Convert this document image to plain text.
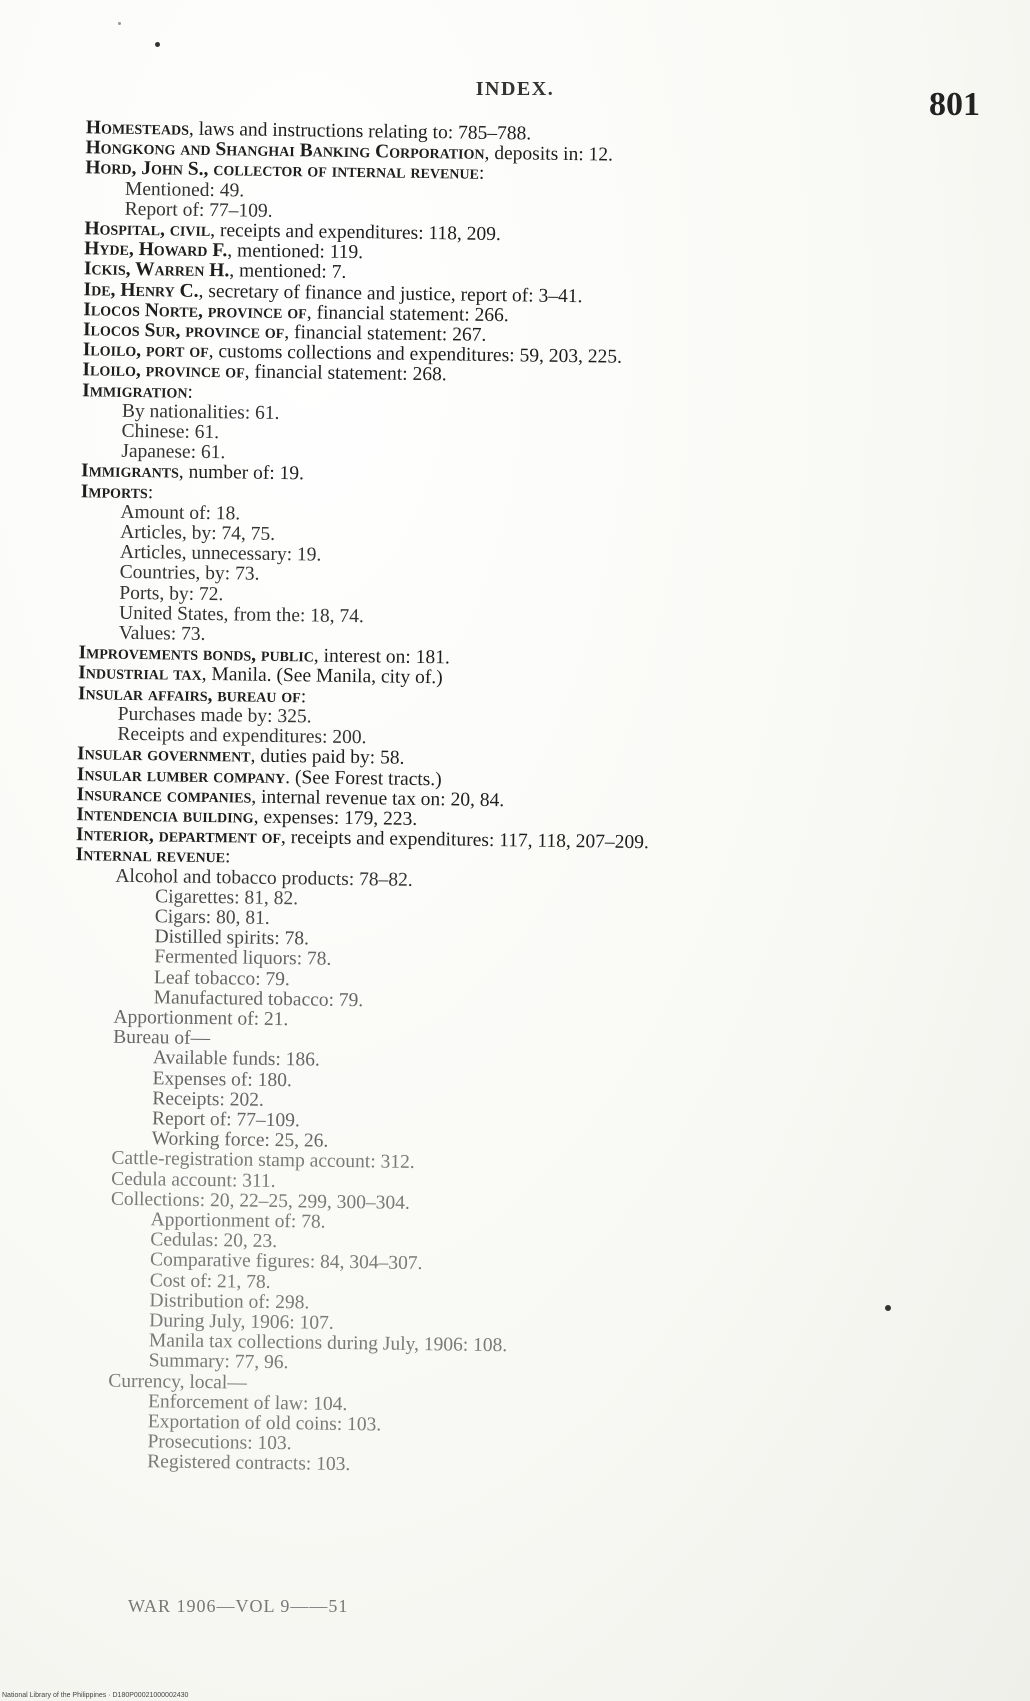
INDEX.	801
Homesteads, laws and instructions relating to: 785–788.
Hongkong and Shanghai Banking Corporation, deposits in: 12.
Hord, John S., collector of internal revenue:
Mentioned: 49.
Report of: 77–109.
Hospital, civil, receipts and expenditures: 118, 209.
Hyde, Howard F., mentioned: 119.
Ickis, Warren H., mentioned: 7.
Ide, Henry C., secretary of finance and justice, report of: 3–41.
Ilocos Norte, province of, financial statement: 266.
Ilocos Sur, province of, financial statement: 267.
Iloilo, port of, customs collections and expenditures: 59, 203, 225.
Iloilo, province of, financial statement: 268.
Immigration:
By nationalities: 61.
Chinese: 61.
Japanese: 61.
Immigrants, number of: 19.
Imports:
Amount of: 18.
Articles, by: 74, 75.
Articles, unnecessary: 19.
Countries, by: 73.
Ports, by: 72.
United States, from the: 18, 74.
Values: 73.
Improvements bonds, public, interest on: 181.
Industrial tax, Manila. (See Manila, city of.)
Insular affairs, bureau of:
Purchases made by: 325.
Receipts and expenditures: 200.
Insular government, duties paid by: 58.
Insular lumber company. (See Forest tracts.)
Insurance companies, internal revenue tax on: 20, 84.
Intendencia building, expenses: 179, 223.
Interior, department of, receipts and expenditures: 117, 118, 207–209.
Internal revenue:
Alcohol and tobacco products: 78–82.
Cigarettes: 81, 82.
Cigars: 80, 81.
Distilled spirits: 78.
Fermented liquors: 78.
Leaf tobacco: 79.
Manufactured tobacco: 79.
Apportionment of: 21.
Bureau of—
Available funds: 186.
Expenses of: 180.
Receipts: 202.
Report of: 77–109.
Working force: 25, 26.
Cattle-registration stamp account: 312.
Cedula account: 311.
Collections: 20, 22–25, 299, 300–304.
Apportionment of: 78.
Cedulas: 20, 23.
Comparative figures: 84, 304–307.
Cost of: 21, 78.
Distribution of: 298.
During July, 1906: 107.
Manila tax collections during July, 1906: 108.
Summary: 77, 96.
Currency, local—
Enforcement of law: 104.
Exportation of old coins: 103.
Prosecutions: 103.
Registered contracts: 103.
WAR 1906—VOL 9——51
National Library of the Philippines · D180P00021000002430
